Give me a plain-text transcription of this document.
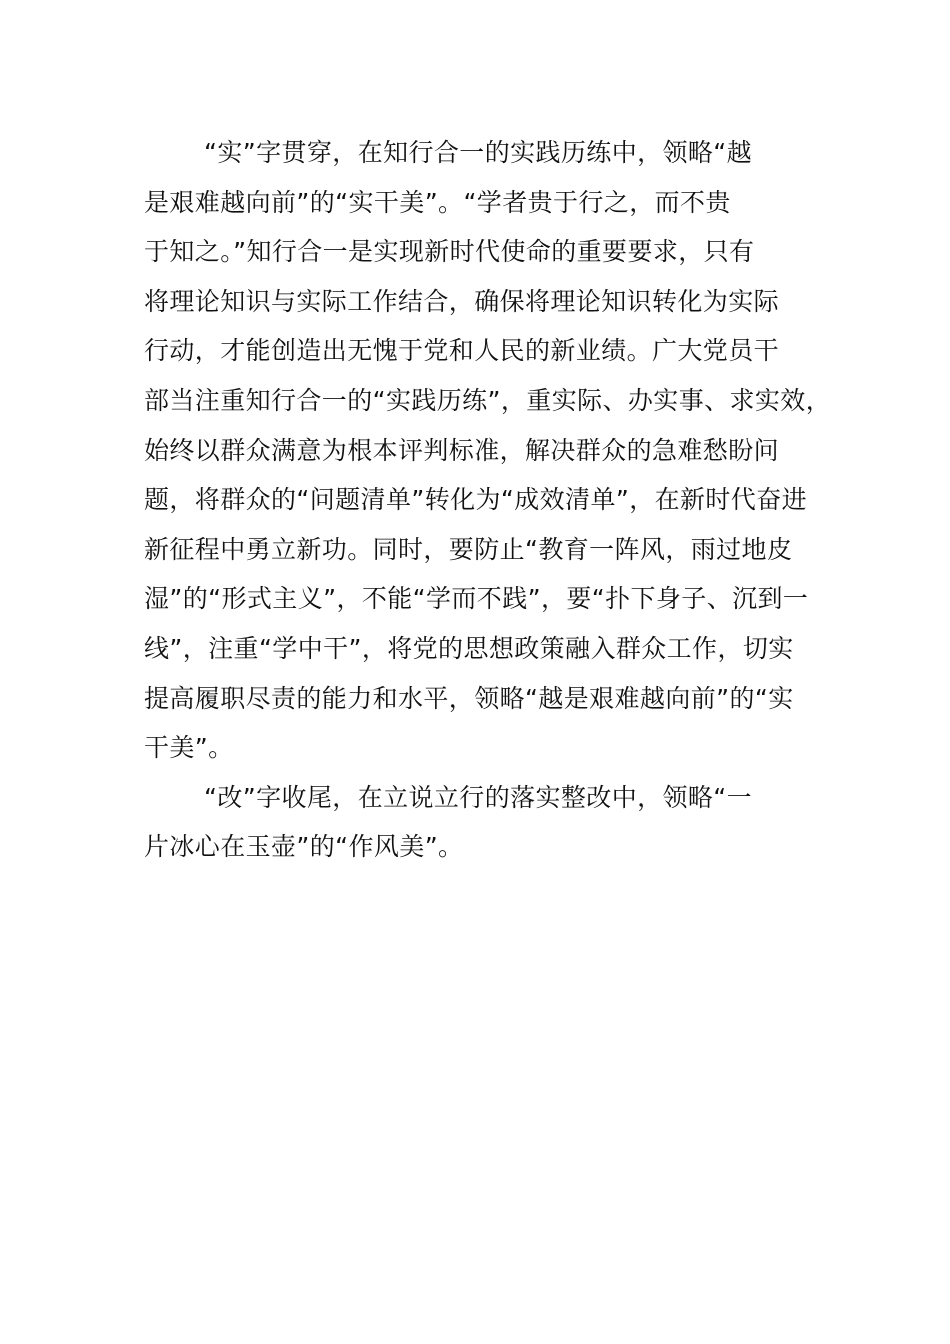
“实”字贯穿，在知行合一的实践历练中，领略“越
是艰难越向前”的“实干美”。“学者贵于行之，而不贵
于知之。”知行合一是实现新时代使命的重要要求，只有
将理论知识与实际工作结合，确保将理论知识转化为实际
行动，才能创造出无愧于党和人民的新业绩。广大党员干
部当注重知行合一的“实践历练”，重实际、办实事、求实效，
始终以群众满意为根本评判标准，解决群众的急难愁盼问
题，将群众的“问题清单”转化为“成效清单”，在新时代奋进
新征程中勇立新功。同时，要防止“教育一阵风，雨过地皮
湿”的“形式主义”，不能“学而不践”，要“扑下身子、沉到一
线”，注重“学中干”，将党的思想政策融入群众工作，切实
提高履职尽责的能力和水平，领略“越是艰难越向前”的“实
干美”。
“改”字收尾，在立说立行的落实整改中，领略“一
片冰心在玉壶”的“作风美”。
